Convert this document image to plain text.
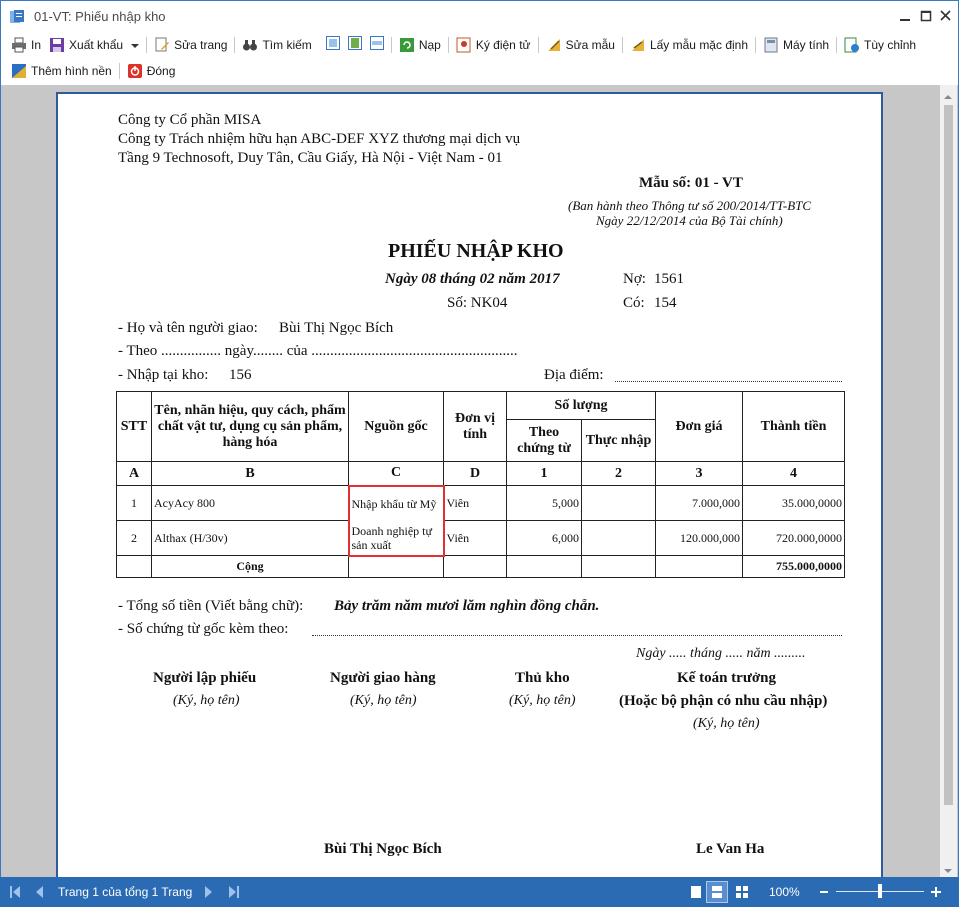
01-VT: Phiếu nhập kho
In Xuất khẩu	Sửa trang	Tìm kiếm	Nạp	Ký điện tử	Sửa mẫu	Lấy mẫu mặc định	Máy tính	Tùy chỉnh
Thêm hình nền	Đóng
Công ty Cổ phần MISA
Công ty Trách nhiệm hữu hạn ABC-DEF XYZ thương mại dịch vụ
Tầng 9 Technosoft, Duy Tân, Cầu Giấy, Hà Nội - Việt Nam - 01
Mẫu số: 01 - VT
(Ban hành theo Thông tư số 200/2014/TT-BTC
Ngày 22/12/2014 của Bộ Tài chính)
PHIẾU NHẬP KHO
Ngày 08 tháng 02 năm 2017	Nợ: 1561
Số: NK04	Có: 154
- Họ và tên người giao: Bùi Thị Ngọc Bích
- Theo ................ ngày........ của .......................................................
- Nhập tại kho: 156	Địa điểm:
STT	Tên, nhãn hiệu, quy cách, phẩm chất vật tư, dụng cụ sản phẩm, hàng hóa	Nguồn gốc	Đơn vị tính	Số lượng		Đơn giá	Thành tiền
				Theo chứng từ	Thực nhập		
A	B	C	D	1	2	3	4
1	AcyAcy 800	Nhập khẩu từ Mỹ	Viên	5,000		7.000,000	35.000,0000
2	Althax (H/30v)	Doanh nghiệp tự sản xuất	Viên	6,000		120.000,000	720.000,0000
	Cộng						755.000,0000
- Tổng số tiền (Viết bằng chữ): Bảy trăm năm mươi lăm nghìn đồng chẵn.
- Số chứng từ gốc kèm theo:
Ngày ..... tháng ..... năm .........
Người lập phiếu	Người giao hàng	Thủ kho	Kế toán trưởng
(Hoặc bộ phận có nhu cầu nhập)
(Ký, họ tên)	(Ký, họ tên)	(Ký, họ tên)
(Ký, họ tên)
Bùi Thị Ngọc Bích	Le Van Ha
Trang 1 của tổng 1 Trang	100%
